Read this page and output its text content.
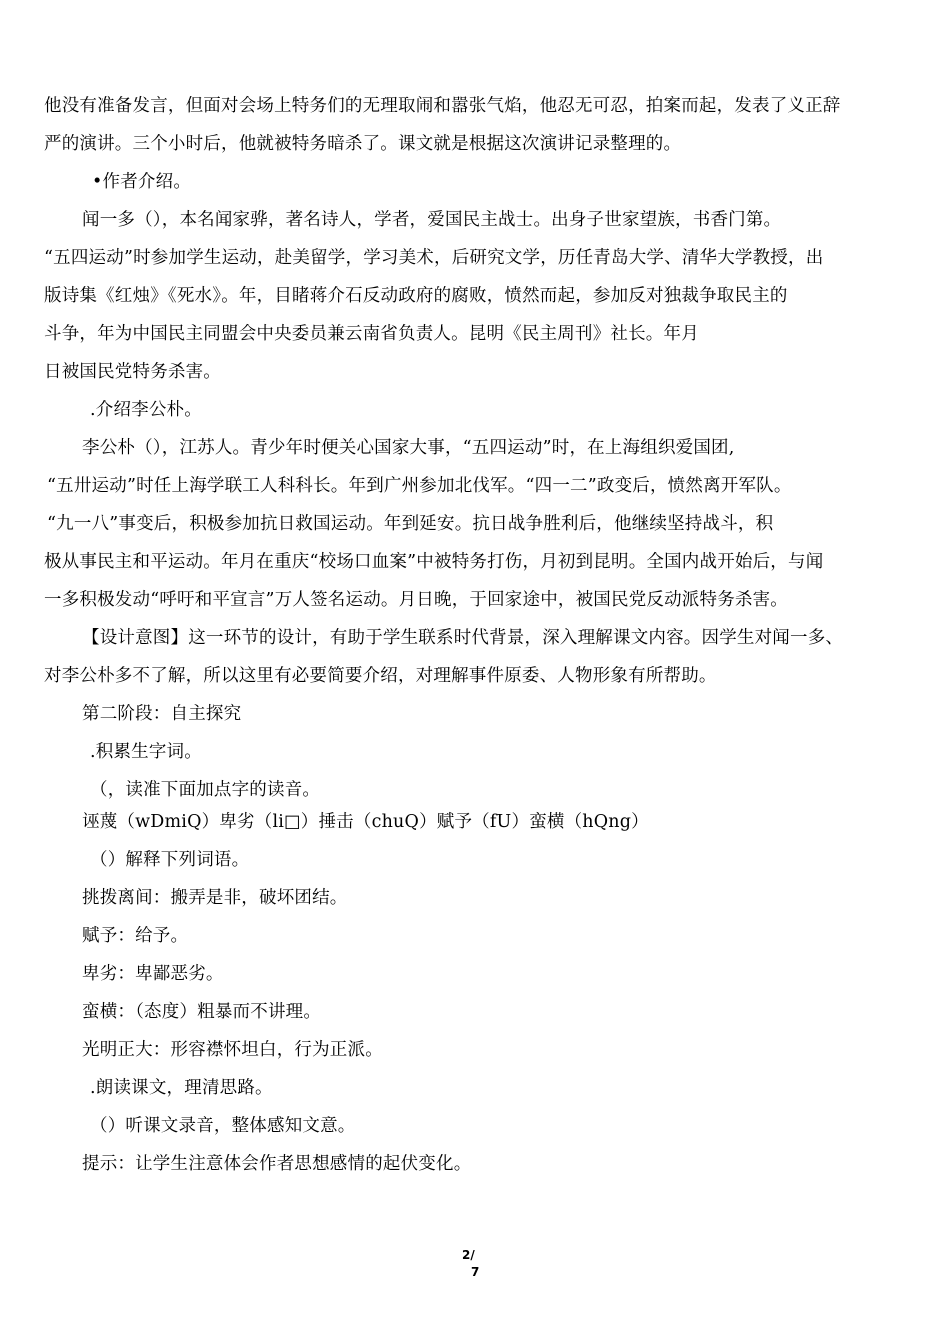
他没有准备发言，但面对会场上特务们的无理取闹和嚣张气焰，他忍无可忍，拍案而起，发表了义正辞
严的演讲。三个小时后，他就被特务暗杀了。课文就是根据这次演讲记录整理的。
•作者介绍。
闻一多（），本名闻家骅，著名诗人，学者，爱国民主战士。出身子世家望族，书香门第。
“五四运动”时参加学生运动，赴美留学，学习美术，后研究文学，历任青岛大学、清华大学教授，出
版诗集《红烛》《死水》。年，目睹蒋介石反动政府的腐败，愤然而起，参加反对独裁争取民主的
斗争，年为中国民主同盟会中央委员兼云南省负责人。昆明《民主周刊》社长。年月
日被国民党特务杀害。
.介绍李公朴。
李公朴（），江苏人。青少年时便关心国家大事，“五四运动”时，在上海组织爱国团,
“五卅运动”时任上海学联工人科科长。年到广州参加北伐军。“四一二”政变后，愤然离开军队。
“九一八”事变后，积极参加抗日救国运动。年到延安。抗日战争胜利后，他继续坚持战斗，积
极从事民主和平运动。年月在重庆“校场口血案”中被特务打伤，月初到昆明。全国内战开始后，与闻
一多积极发动“呼吁和平宣言”万人签名运动。月日晚，于回家途中，被国民党反动派特务杀害。
【设计意图】这一环节的设计，有助于学生联系时代背景，深入理解课文内容。因学生对闻一多、
对李公朴多不了解，所以这里有必要简要介绍，对理解事件原委、人物形象有所帮助。
第二阶段：自主探究
.积累生字词。
（，读准下面加点字的读音。
诬蔑（wDmiQ）卑劣（li□）捶击（chuQ）赋予（fU）蛮横（hQng）
（）解释下列词语。
挑拨离间：搬弄是非，破坏团结。
赋予：给予。
卑劣：卑鄙恶劣。
蛮横：（态度）粗暴而不讲理。
光明正大：形容襟怀坦白，行为正派。
.朗读课文，理清思路。
（）听课文录音，整体感知文意。
提示：让学生注意体会作者思想感情的起伏变化。
2/
7
